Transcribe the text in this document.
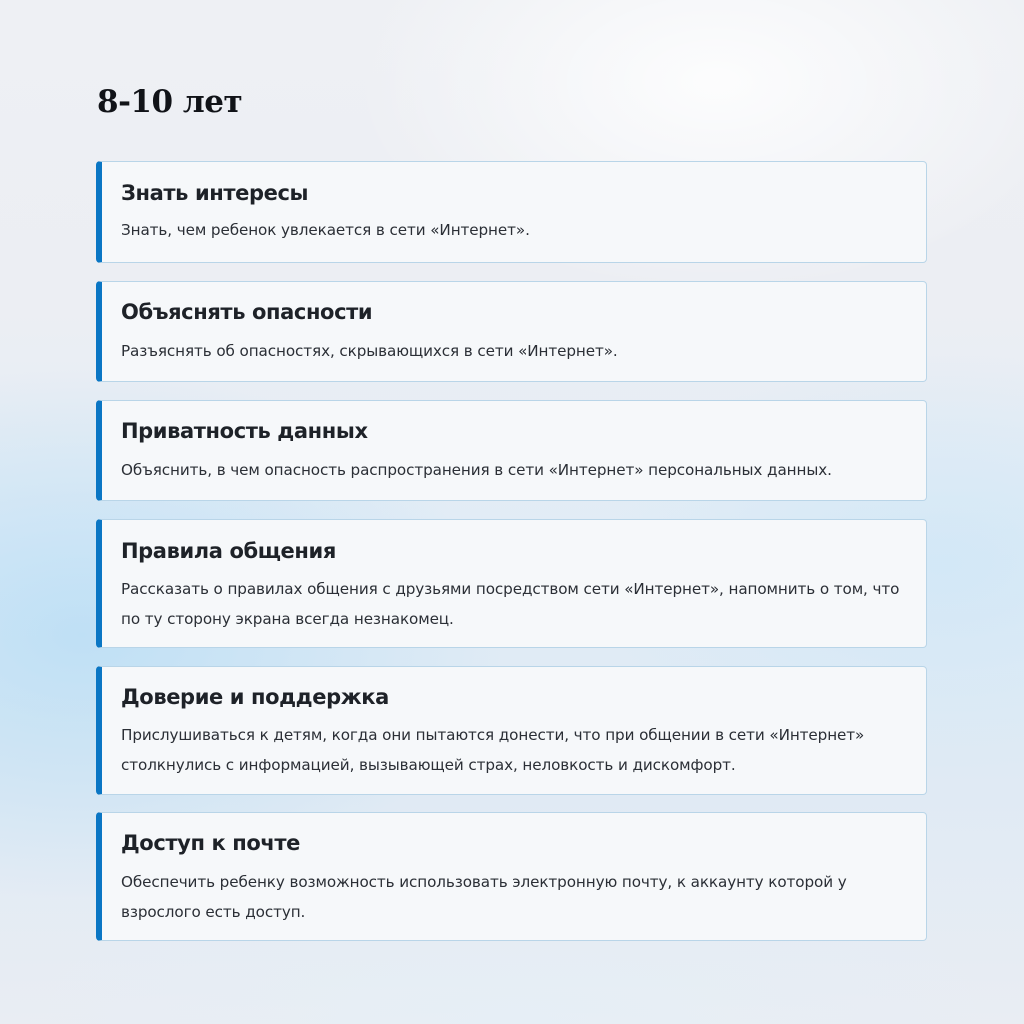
8-10 лет
Знать интересы

Знать, чем ребенок увлекается в сети «Интернет».

Объяснять опасности

Разъяснять об опасностях, скрывающихся в сети «Интернет».

Приватность данных

Объяснить, в чем опасность распространения в сети «Интернет» персональных данных.

Правила общения

Рассказать о правилах общения с друзьями посредством сети «Интернет», напомнить о том, что по ту сторону экрана всегда незнакомец.

Доверие и поддержка

Прислушиваться к детям, когда они пытаются донести, что при общении в сети «Интернет» столкнулись с информацией, вызывающей страх, неловкость и дискомфорт.

Доступ к почте

Обеспечить ребенку возможность использовать электронную почту, к аккаунту которой у взрослого есть доступ.
